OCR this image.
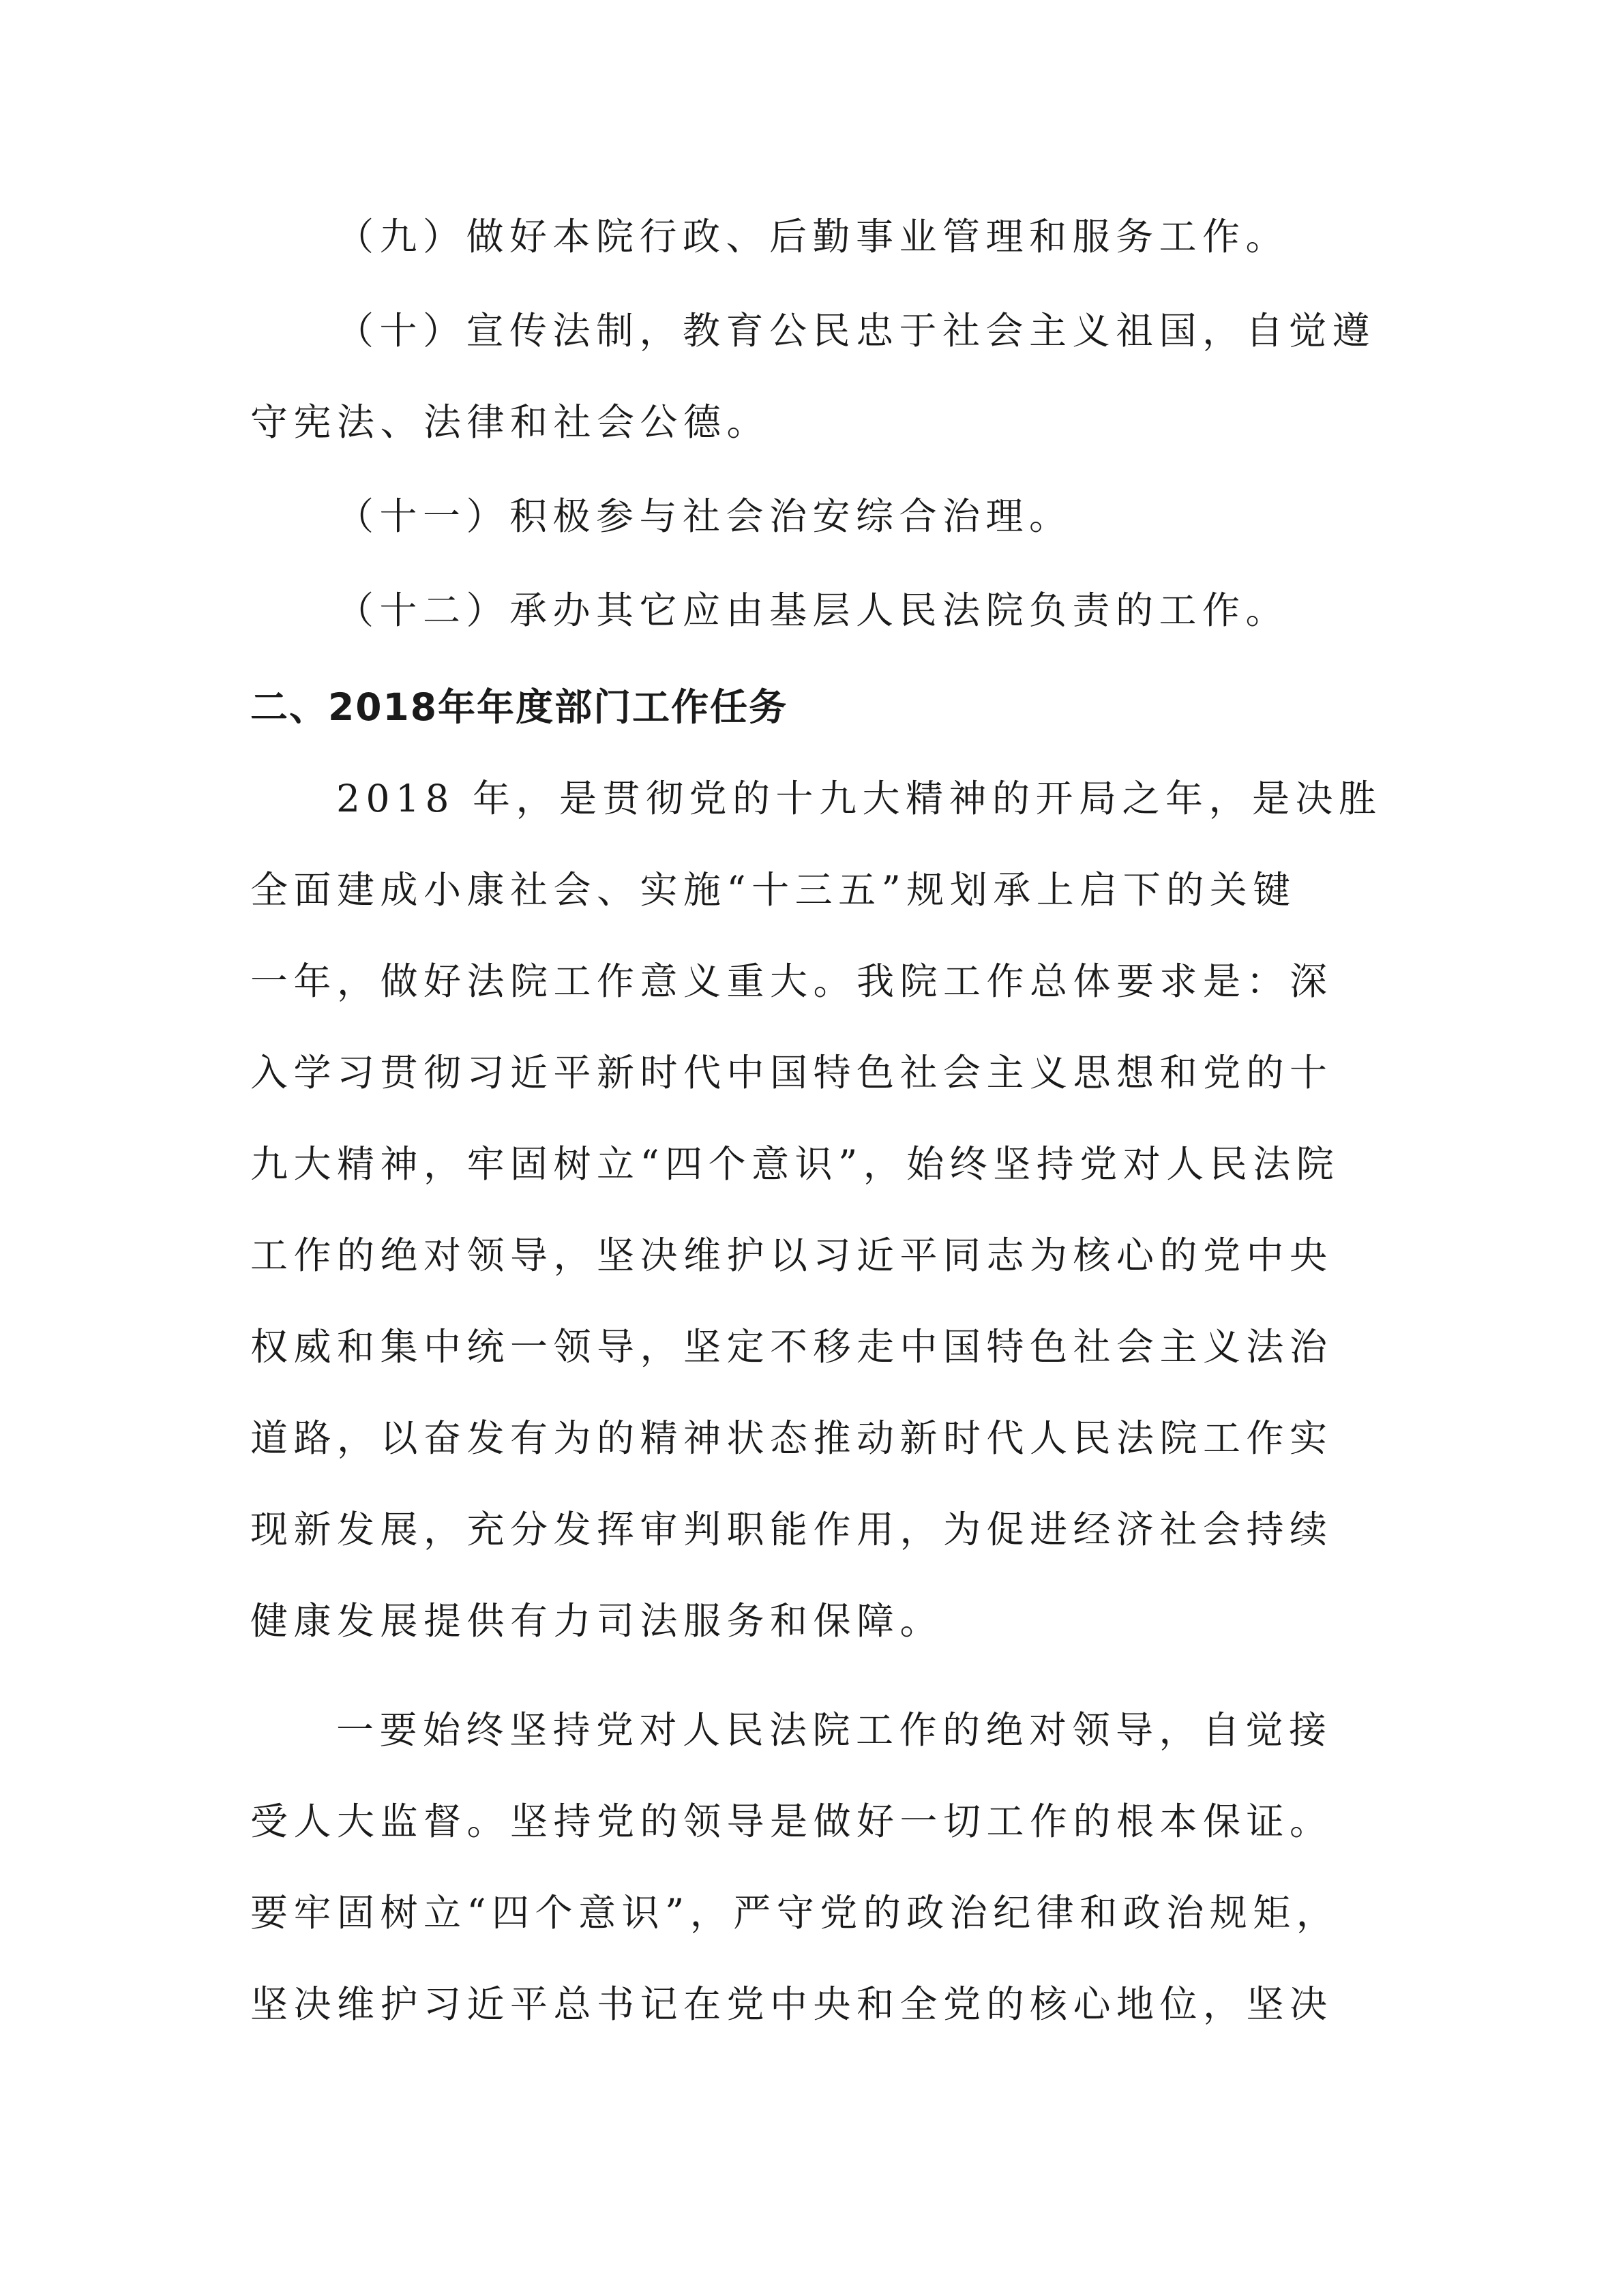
（九）做好本院行政、后勤事业管理和服务工作。

（十）宣传法制，教育公民忠于社会主义祖国，自觉遵

守宪法、法律和社会公德。

（十一）积极参与社会治安综合治理。

（十二）承办其它应由基层人民法院负责的工作。

二、2018年年度部门工作任务

2018 年，是贯彻党的十九大精神的开局之年，是决胜

全面建成小康社会、实施“十三五”规划承上启下的关键

一年，做好法院工作意义重大。我院工作总体要求是：深

入学习贯彻习近平新时代中国特色社会主义思想和党的十

九大精神，牢固树立“四个意识”，始终坚持党对人民法院

工作的绝对领导，坚决维护以习近平同志为核心的党中央

权威和集中统一领导，坚定不移走中国特色社会主义法治

道路，以奋发有为的精神状态推动新时代人民法院工作实

现新发展，充分发挥审判职能作用，为促进经济社会持续

健康发展提供有力司法服务和保障。

一要始终坚持党对人民法院工作的绝对领导，自觉接

受人大监督。坚持党的领导是做好一切工作的根本保证。

要牢固树立“四个意识”，严守党的政治纪律和政治规矩，

坚决维护习近平总书记在党中央和全党的核心地位，坚决
